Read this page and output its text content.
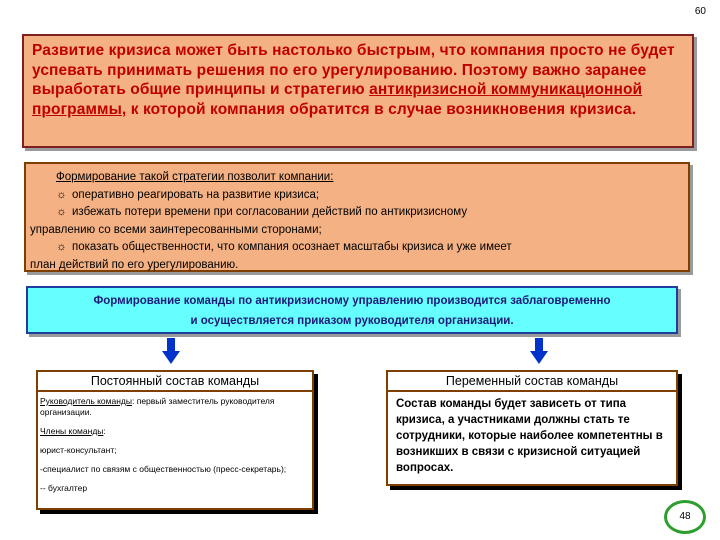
60

Развитие кризиса может быть настолько быстрым, что компания просто не будет успевать принимать решения по его урегулированию. Поэтому важно заранее выработать общие принципы и стратегию антикризисной коммуникационной программы, к которой компания обратится в случае возникновения кризиса.

Формирование такой стратегии позволит компании:
☼ оперативно реагировать на развитие кризиса;
☼ избежать потери времени при согласовании действий по антикризисному
управлению со всеми заинтересованными сторонами;
☼ показать общественности, что компания осознает масштабы кризиса и уже имеет
план действий по его урегулированию.
Формирование команды по антикризисному управлению производится заблаговременно
и осуществляется приказом руководителя организации.
Постоянный состав команды

Руководитель команды: первый заместитель руководителя организации.

Члены команды:

юрист-консультант;

-специалист по связям с общественностью (пресс-секретарь);

-- бухгалтер

Переменный состав команды
Состав команды будет зависеть от типа кризиса, а участниками должны стать те сотрудники, которые наиболее компетентны в возникших в связи с кризисной ситуацией вопросах.
48
